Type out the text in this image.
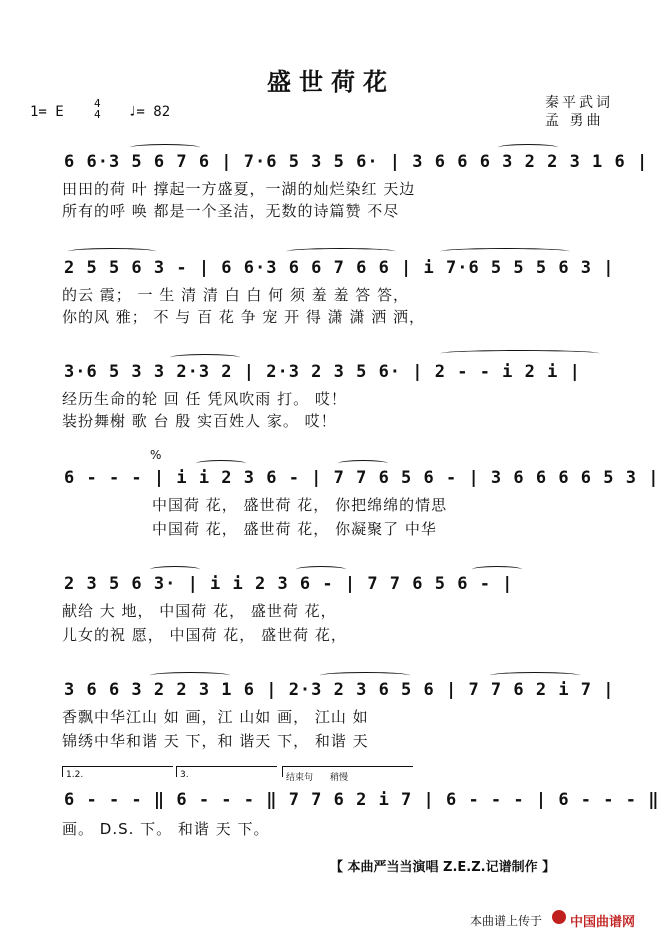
盛世荷花
1= E
4
4 ♩= 82
秦平武词
孟 勇曲
6 6·3 5 6 7 6 | 7·6 5 3 5 6· | 3 6 6 6 3 2 2 3 1 6 |
田田的荷 叶 撑起一方盛夏，一湖的灿烂染红 天边
所有的呼 唤 都是一个圣洁，无数的诗篇赞 不尽
2 5 5 6 3 - | 6 6·3 6 6 7 6 6 | i 7·6 5 5 5 6 3 |
的云 霞； 一 生 清 清 白 白 何 须 羞 羞 答 答，
你的风 雅； 不 与 百 花 争 宠 开 得 潇 潇 洒 洒，
3·6 5 3 3 2·3 2 | 2·3 2 3 5 6· | 2 - - i 2 i |
经历生命的轮 回 任 凭风吹雨 打。 哎！
装扮舞榭 歌 台 殷 实百姓人 家。 哎！
%
6 - - - | i i 2 3 6 - | 7 7 6 5 6 - | 3 6 6 6 6 5 3 |
中国荷 花， 盛世荷 花， 你把绵绵的情思
中国荷 花， 盛世荷 花， 你凝聚了 中华
2 3 5 6 3· | i i 2 3 6 - | 7 7 6 5 6 - |
献给 大 地， 中国荷 花， 盛世荷 花，
儿女的祝 愿， 中国荷 花， 盛世荷 花，
3 6 6 3 2 2 3 1 6 | 2·3 2 3 6 5 6 | 7 7 6 2 i 7 |
香飘中华江山 如 画，江 山如 画， 江山 如
锦绣中华和谐 天 下，和 谐天 下， 和谐 天
1.2.	3.	结束句 稍慢
6 - - - ‖ 6 - - - ‖ 7 7 6 2 i 7 | 6 - - - | 6 - - - ‖
画。 D.S. 下。 和谐 天 下。
【 本曲严当当演唱 Z.E.Z.记谱制作 】
本曲谱上传于 中国曲谱网
